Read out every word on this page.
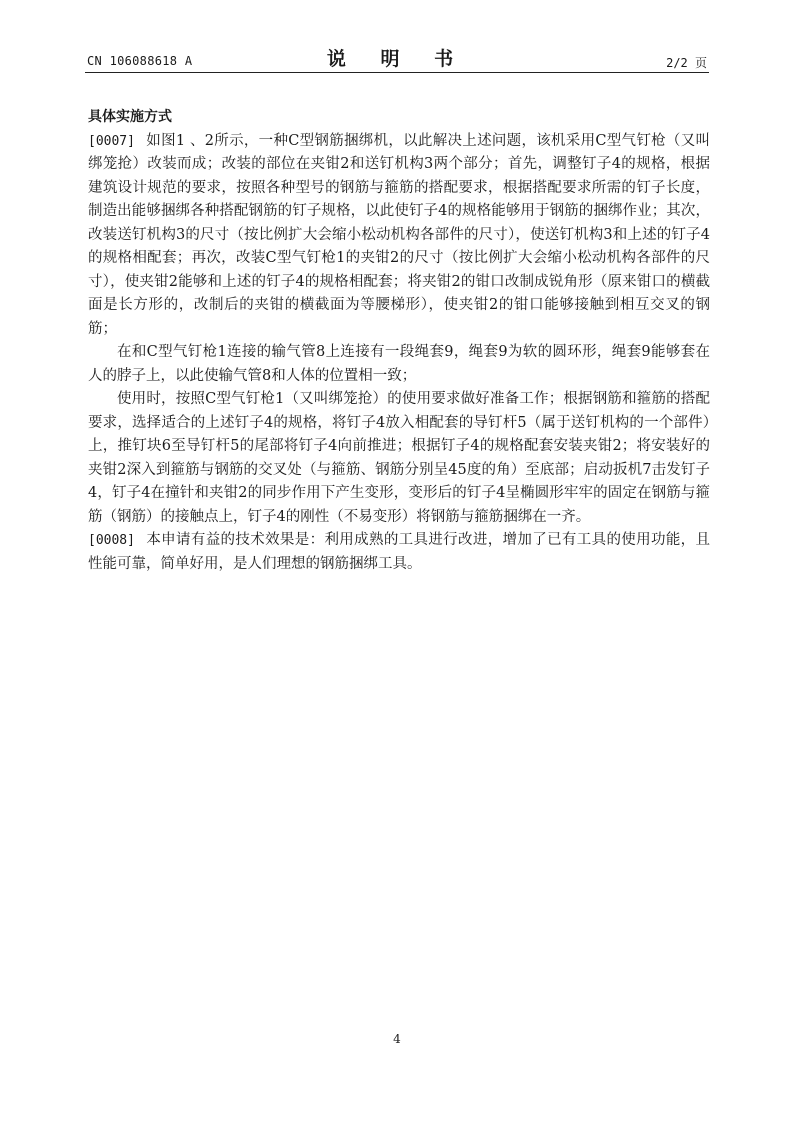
CN 106088618 A	说 明 书	2/2 页
具体实施方式

[0007] 如图1 、2所示，一种C型钢筋捆绑机，以此解决上述问题，该机采用C型气钉枪（又叫绑笼抢）改装而成；改装的部位在夹钳2和送钉机构3两个部分；首先，调整钉子4的规格，根据建筑设计规范的要求，按照各种型号的钢筋与箍筋的搭配要求，根据搭配要求所需的钉子长度，制造出能够捆绑各种搭配钢筋的钉子规格，以此使钉子4的规格能够用于钢筋的捆绑作业；其次，改装送钉机构3的尺寸（按比例扩大会缩小松动机构各部件的尺寸），使送钉机构3和上述的钉子4的规格相配套；再次，改装C型气钉枪1的夹钳2的尺寸（按比例扩大会缩小松动机构各部件的尺寸），使夹钳2能够和上述的钉子4的规格相配套；将夹钳2的钳口改制成锐角形（原来钳口的横截面是长方形的，改制后的夹钳的横截面为等腰梯形），使夹钳2的钳口能够接触到相互交叉的钢筋；

在和C型气钉枪1连接的输气管8上连接有一段绳套9，绳套9为软的圆环形，绳套9能够套在人的脖子上，以此使输气管8和人体的位置相一致；

使用时，按照C型气钉枪1（又叫绑笼抢）的使用要求做好准备工作；根据钢筋和箍筋的搭配要求，选择适合的上述钉子4的规格，将钉子4放入相配套的导钉杆5（属于送钉机构的一个部件）上，推钉块6至导钉杆5的尾部将钉子4向前推进；根据钉子4的规格配套安装夹钳2；将安装好的夹钳2深入到箍筋与钢筋的交叉处（与箍筋、钢筋分别呈45度的角）至底部；启动扳机7击发钉子4，钉子4在撞针和夹钳2的同步作用下产生变形，变形后的钉子4呈椭圆形牢牢的固定在钢筋与箍筋（钢筋）的接触点上，钉子4的刚性（不易变形）将钢筋与箍筋捆绑在一齐。

[0008] 本申请有益的技术效果是：利用成熟的工具进行改进，增加了已有工具的使用功能，且性能可靠，简单好用，是人们理想的钢筋捆绑工具。

4
